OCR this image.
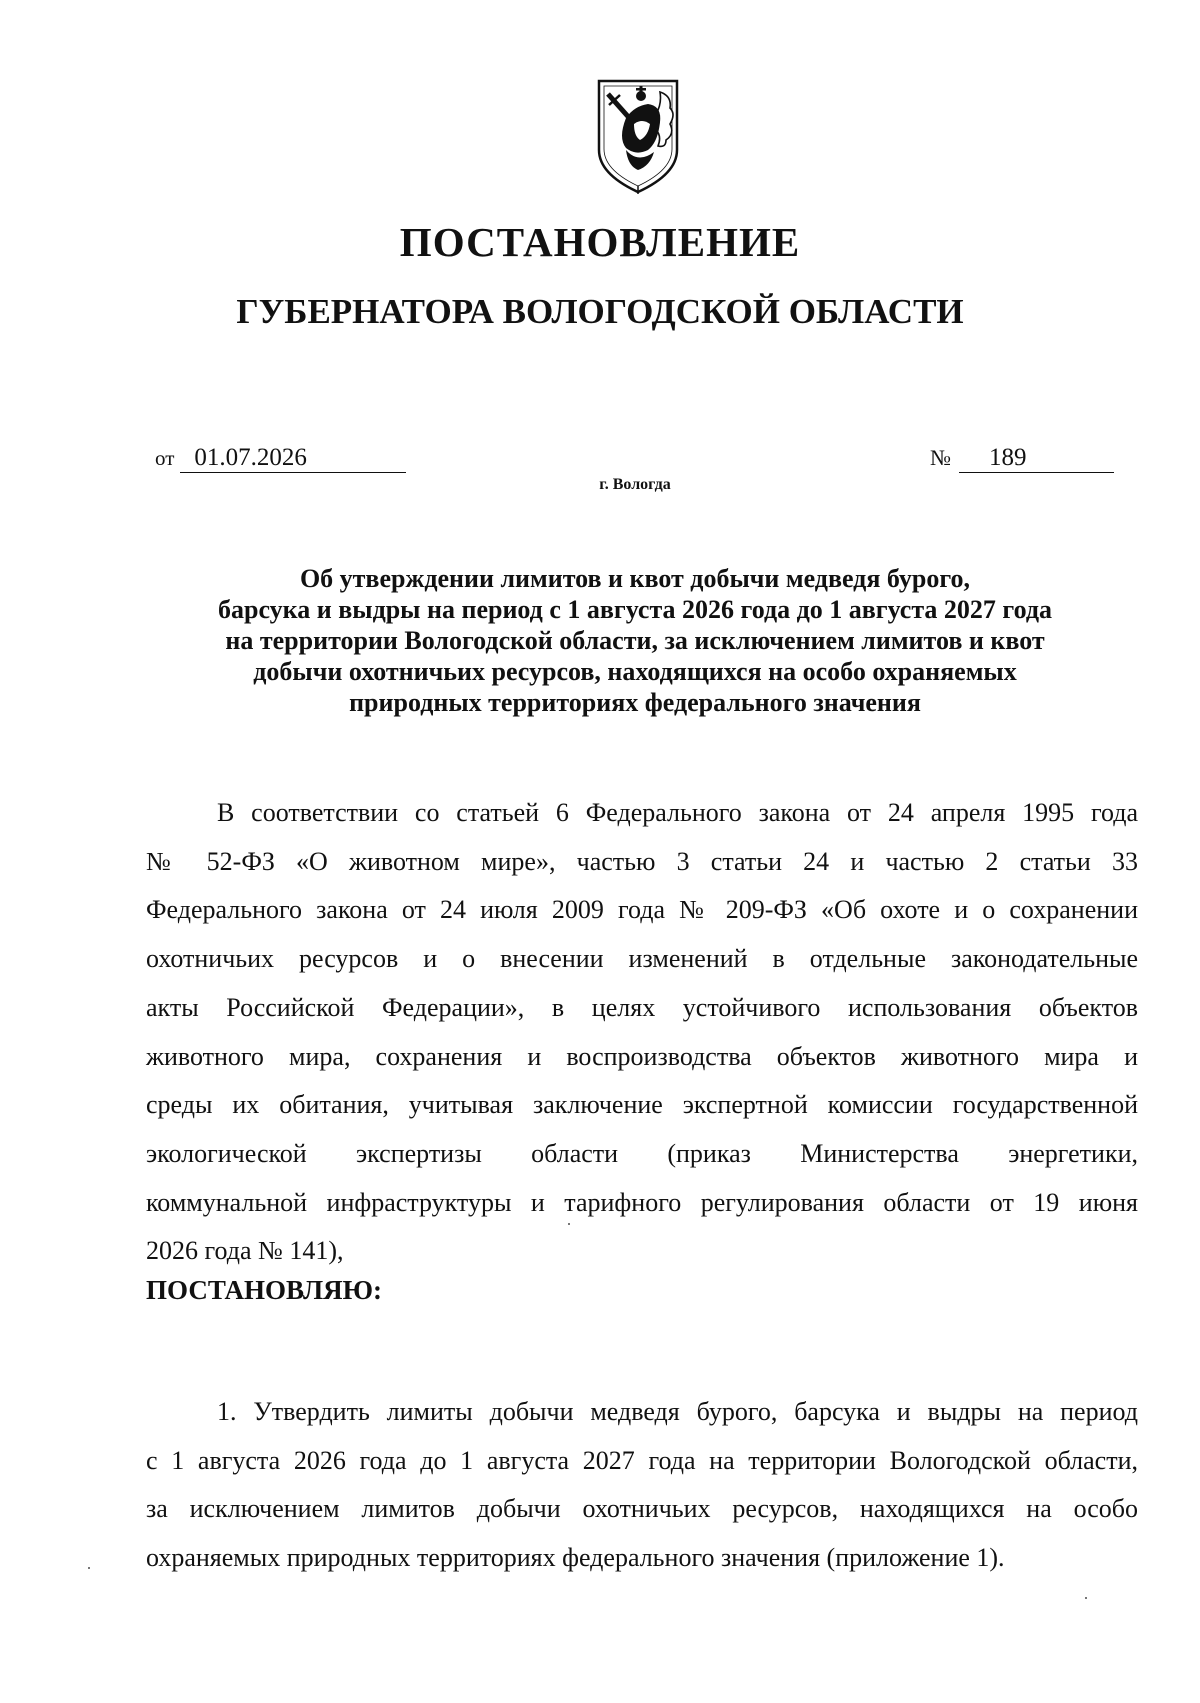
ПОСТАНОВЛЕНИЕ
ГУБЕРНАТОРА ВОЛОГОДСКОЙ ОБЛАСТИ
от 01.07.2026	№ 189
г. Вологда
Об утверждении лимитов и квот добычи медведя бурого,
барсука и выдры на период с 1 августа 2026 года до 1 августа 2027 года
на территории Вологодской области, за исключением лимитов и квот
добычи охотничьих ресурсов, находящихся на особо охраняемых
природных территориях федерального значения
В соответствии со статьей 6 Федерального закона от 24 апреля 1995 года
№ 52-ФЗ «О животном мире», частью 3 статьи 24 и частью 2 статьи 33
Федерального закона от 24 июля 2009 года № 209-ФЗ «Об охоте и о сохранении
охотничьих ресурсов и о внесении изменений в отдельные законодательные
акты Российской Федерации», в целях устойчивого использования объектов
животного мира, сохранения и воспроизводства объектов животного мира и
среды их обитания, учитывая заключение экспертной комиссии государственной
экологической экспертизы области (приказ Министерства энергетики,
коммунальной инфраструктуры и тарифного регулирования области от 19 июня
2026 года № 141),
ПОСТАНОВЛЯЮ:
1. Утвердить лимиты добычи медведя бурого, барсука и выдры на период
с 1 августа 2026 года до 1 августа 2027 года на территории Вологодской области,
за исключением лимитов добычи охотничьих ресурсов, находящихся на особо
охраняемых природных территориях федерального значения (приложение 1).
